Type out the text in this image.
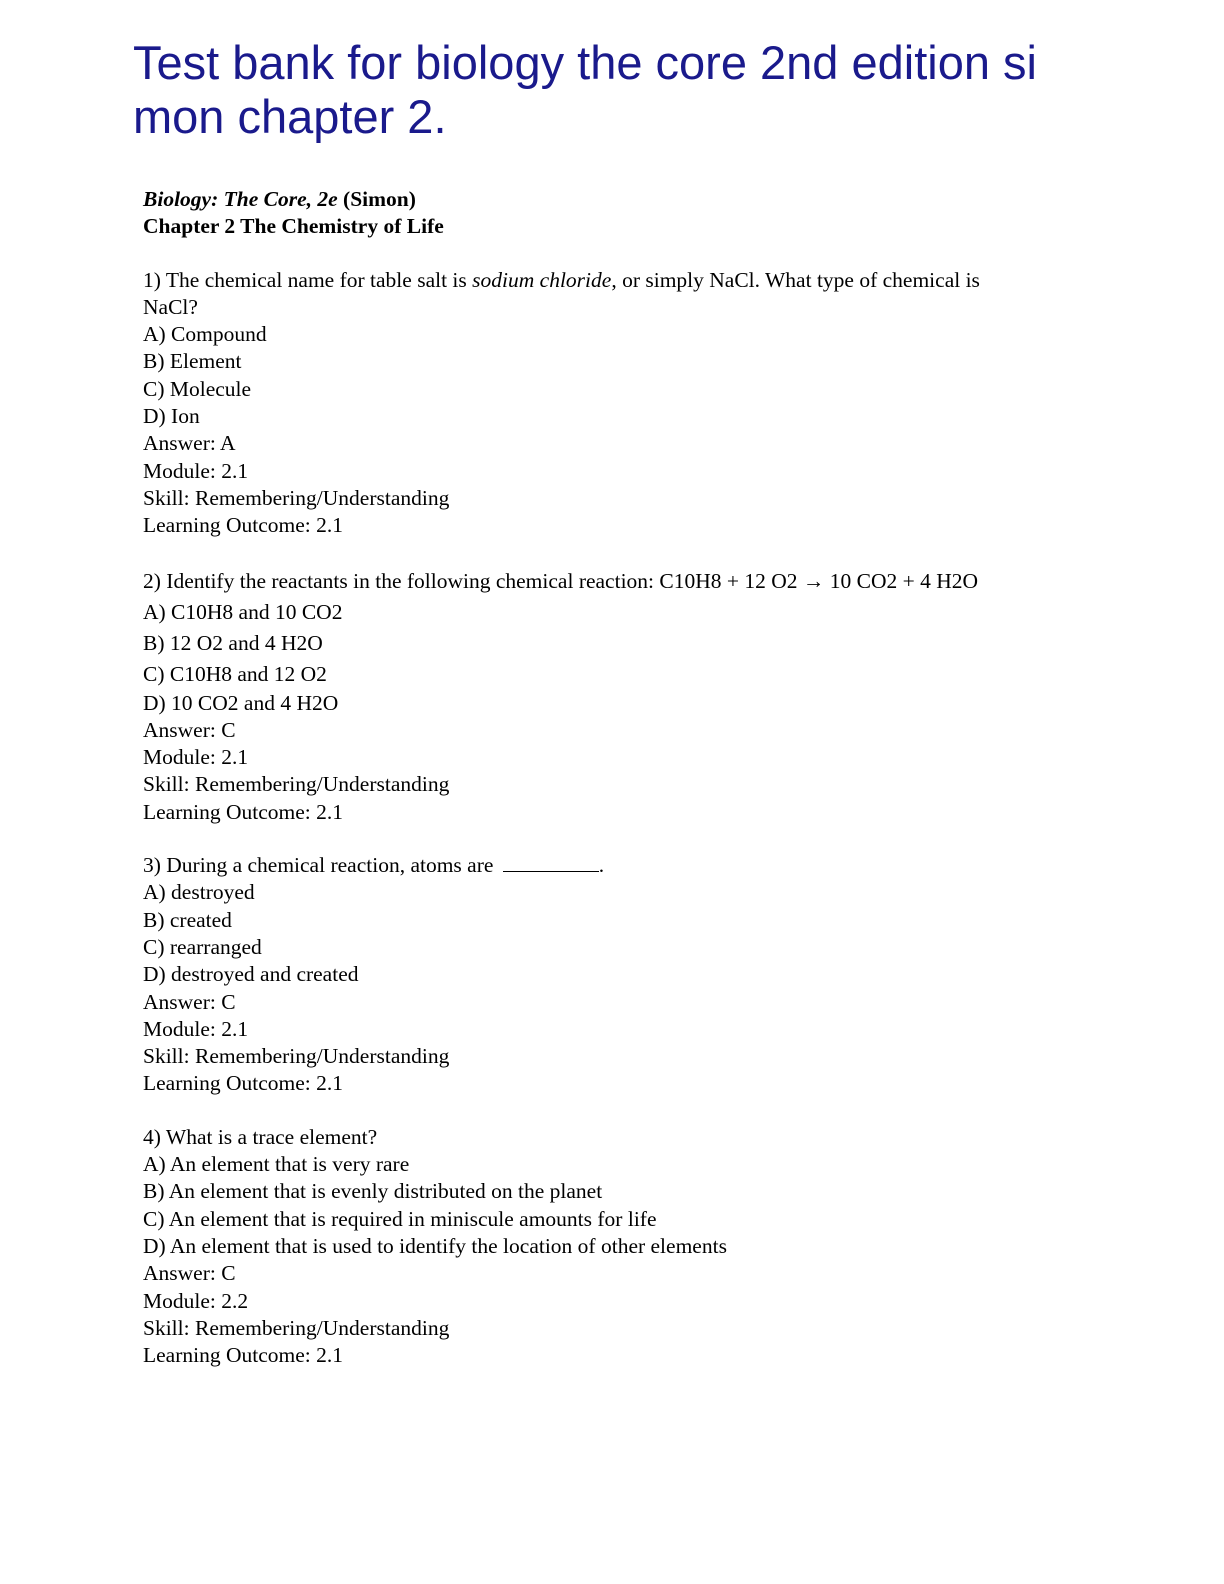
Test bank for biology the core 2nd edition si mon chapter 2.
Biology: The Core, 2e (Simon)
Chapter 2 The Chemistry of Life
1) The chemical name for table salt is sodium chloride, or simply NaCl. What type of chemical is
NaCl?
A) Compound
B) Element
C) Molecule
D) Ion
Answer: A
Module: 2.1
Skill: Remembering/Understanding
Learning Outcome: 2.1
2) Identify the reactants in the following chemical reaction: C10H8 + 12 O2 → 10 CO2 + 4 H2O
A) C10H8 and 10 CO2
B) 12 O2 and 4 H2O
C) C10H8 and 12 O2
D) 10 CO2 and 4 H2O
Answer: C
Module: 2.1
Skill: Remembering/Understanding
Learning Outcome: 2.1
3) During a chemical reaction, atoms are	.
A) destroyed
B) created
C) rearranged
D) destroyed and created
Answer: C
Module: 2.1
Skill: Remembering/Understanding
Learning Outcome: 2.1
4) What is a trace element?
A) An element that is very rare
B) An element that is evenly distributed on the planet
C) An element that is required in miniscule amounts for life
D) An element that is used to identify the location of other elements
Answer: C
Module: 2.2
Skill: Remembering/Understanding
Learning Outcome: 2.1
